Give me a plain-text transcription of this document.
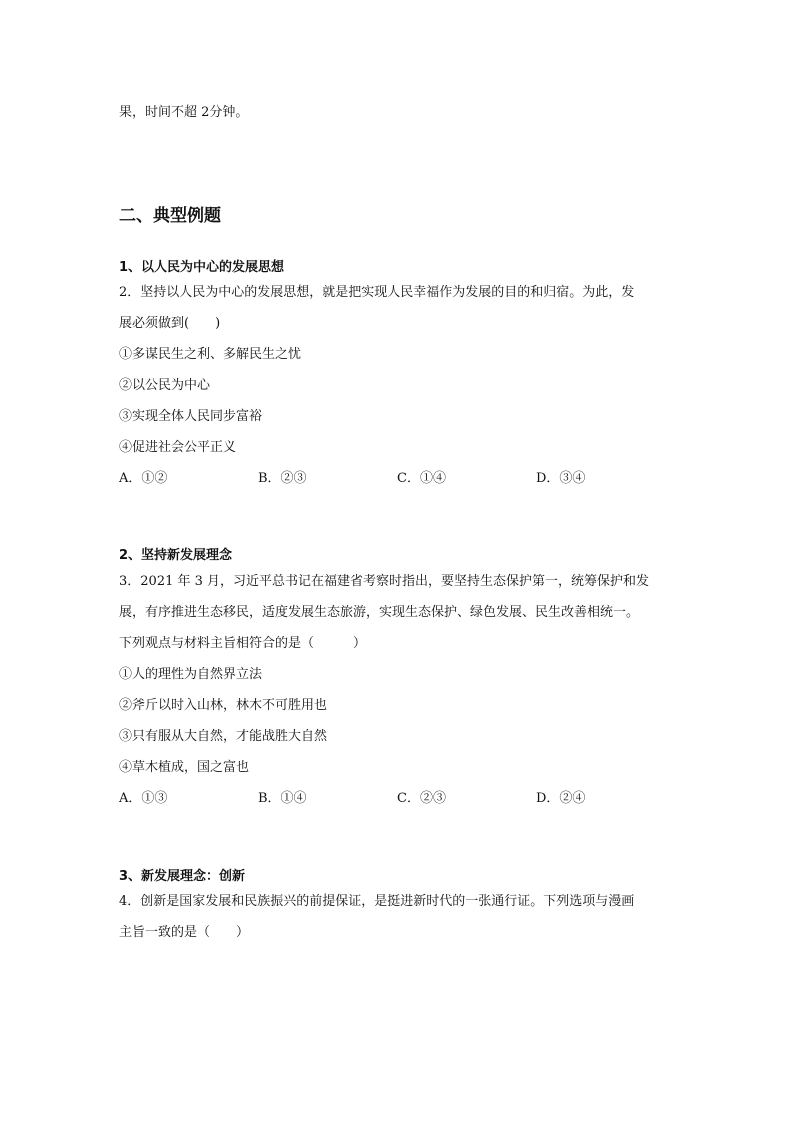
果，时间不超 2分钟。
二、典型例题
1、以人民为中心的发展思想
2．坚持以人民为中心的发展思想，就是把实现人民幸福作为发展的目的和归宿。为此，发
展必须做到(　　)
①多谋民生之利、多解民生之忧
②以公民为中心
③实现全体人民同步富裕
④促进社会公平正义
A．①②	B．②③	C．①④	D．③④
2、坚持新发展理念
3．2021 年 3 月，习近平总书记在福建省考察时指出，要坚持生态保护第一，统筹保护和发
展，有序推进生态移民，适度发展生态旅游，实现生态保护、绿色发展、民生改善相统一。
下列观点与材料主旨相符合的是（　　　）
①人的理性为自然界立法
②斧斤以时入山林，林木不可胜用也
③只有服从大自然，才能战胜大自然
④草木植成，国之富也
A．①③	B．①④	C．②③	D．②④
3、新发展理念：创新
4．创新是国家发展和民族振兴的前提保证，是挺进新时代的一张通行证。下列选项与漫画
主旨一致的是（　　）
